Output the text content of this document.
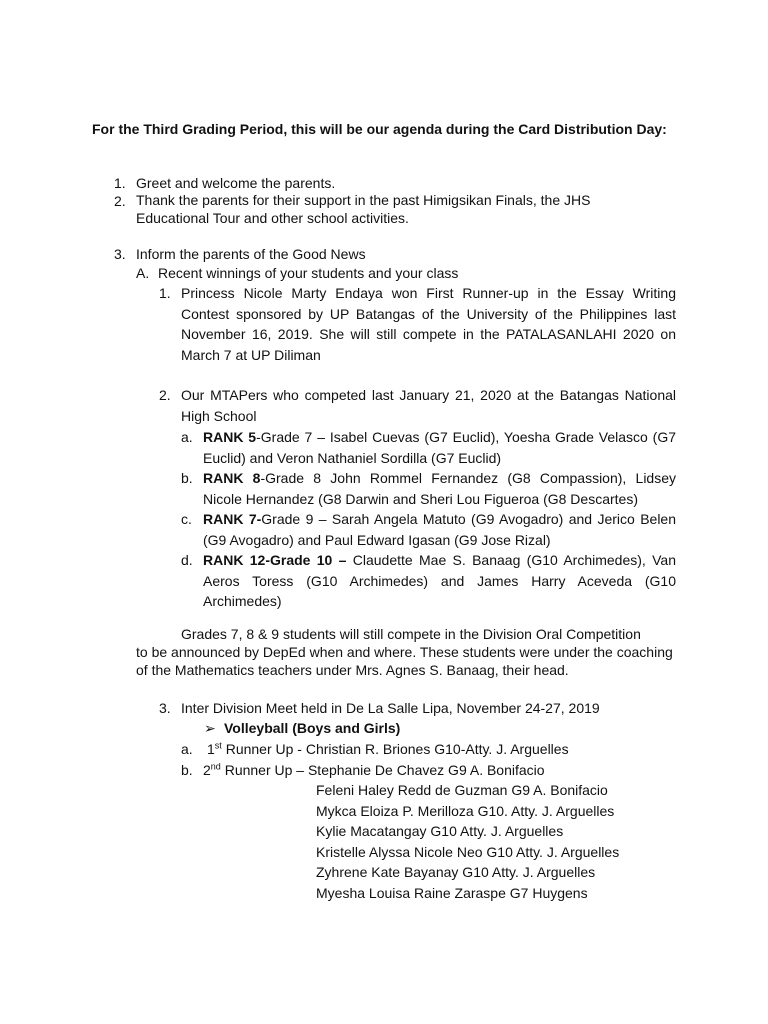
For the Third Grading Period, this will be our agenda during the Card Distribution Day:
1. Greet and welcome the parents.
2. Thank the parents for their support in the past Himigsikan Finals, the JHS Educational Tour and other school activities.
3. Inform the parents of the Good News
A. Recent winnings of your students and your class
1. Princess Nicole Marty Endaya won First Runner-up in the Essay Writing Contest sponsored by UP Batangas of the University of the Philippines last November 16, 2019. She will still compete in the PATALASANLAHI 2020 on March 7 at UP Diliman
2. Our MTAPers who competed last January 21, 2020 at the Batangas National High School
a. RANK 5-Grade 7 – Isabel Cuevas (G7 Euclid), Yoesha Grade Velasco (G7 Euclid) and Veron Nathaniel Sordilla (G7 Euclid)
b. RANK 8-Grade 8 John Rommel Fernandez (G8 Compassion), Lidsey Nicole Hernandez (G8 Darwin and Sheri Lou Figueroa (G8 Descartes)
c. RANK 7-Grade 9 – Sarah Angela Matuto (G9 Avogadro) and Jerico Belen (G9 Avogadro) and Paul Edward Igasan (G9 Jose Rizal)
d. RANK 12-Grade 10 – Claudette Mae S. Banaag (G10 Archimedes), Van Aeros Toress (G10 Archimedes) and James Harry Aceveda (G10 Archimedes)
Grades 7, 8 & 9 students will still compete in the Division Oral Competition
to be announced by DepEd when and where. These students were under the coaching of the Mathematics teachers under Mrs. Agnes S. Banaag, their head.
3. Inter Division Meet held in De La Salle Lipa, November 24-27, 2019
➢ Volleyball (Boys and Girls)
a. 1st Runner Up - Christian R. Briones G10-Atty. J. Arguelles
b. 2nd Runner Up – Stephanie De Chavez G9 A. Bonifacio
Feleni Haley Redd de Guzman G9 A. Bonifacio
Mykca Eloiza P. Merilloza G10. Atty. J. Arguelles
Kylie Macatangay G10 Atty. J. Arguelles
Kristelle Alyssa Nicole Neo G10 Atty. J. Arguelles
Zyhrene Kate Bayanay G10 Atty. J. Arguelles
Myesha Louisa Raine Zaraspe G7 Huygens
